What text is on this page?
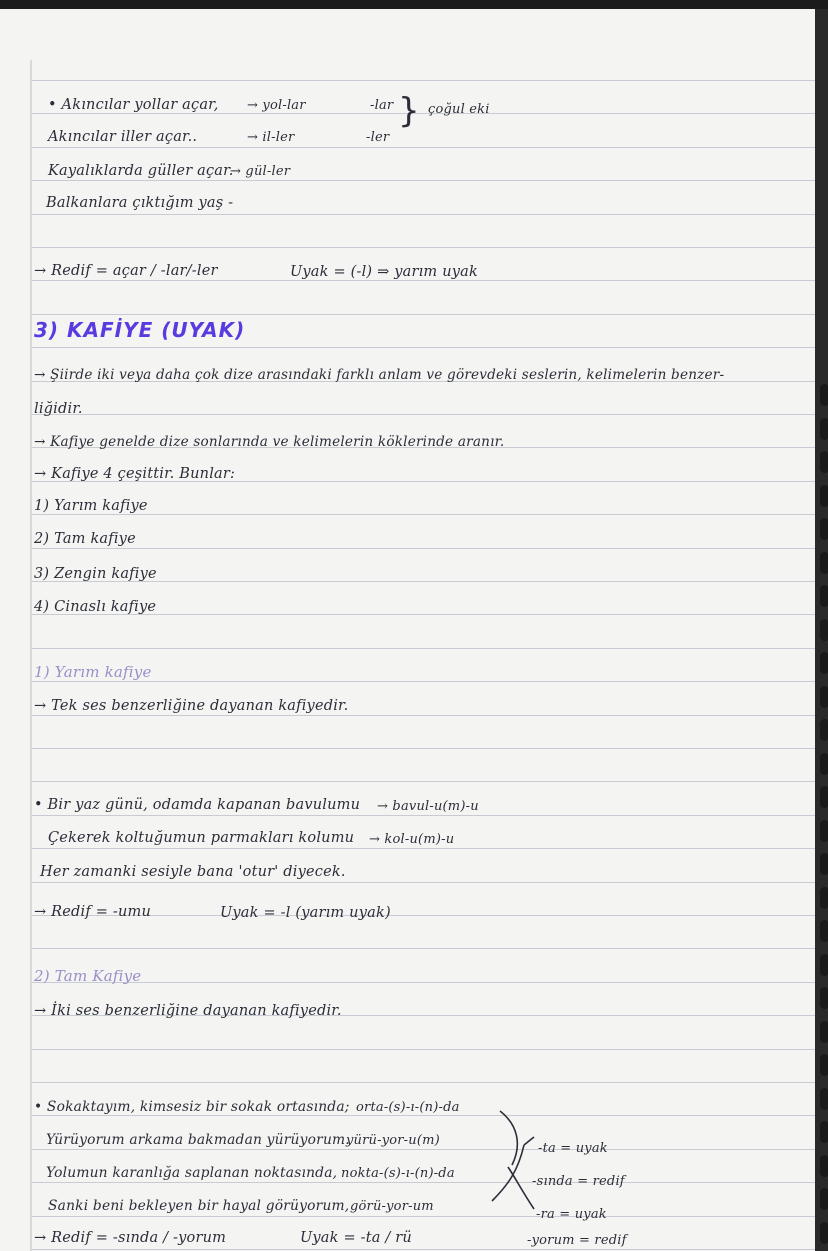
• Akıncılar yollar açar, → yol-lar	-lar
Akıncılar iller açar..	→ il-ler	-ler
} çoğul eki
Kayalıklarda güller açar.
→ gül-ler
Balkanlara çıktığım yaş -
→ Redif = açar / -lar/-ler	Uyak = (-l) ⇒ yarım uyak
3) KAFİYE (UYAK)
→ Şiirde iki veya daha çok dize arasındaki farklı anlam ve görevdeki seslerin, kelimelerin benzer-
liğidir.
→ Kafiye genelde dize sonlarında ve kelimelerin köklerinde aranır.
→ Kafiye 4 çeşittir. Bunlar:
1) Yarım kafiye
2) Tam kafiye
3) Zengin kafiye
4) Cinaslı kafiye
1) Yarım kafiye
→ Tek ses benzerliğine dayanan kafiyedir.
• Bir yaz günü, odamda kapanan bavulumu → bavul-u(m)-u
Çekerek koltuğumun parmakları kolumu → kol-u(m)-u
Her zamanki sesiyle bana 'otur' diyecek.
→ Redif = -umu	Uyak = -l (yarım uyak)
2) Tam Kafiye
→ İki ses benzerliğine dayanan kafiyedir.
• Sokaktayım, kimsesiz bir sokak ortasında; orta-(s)-ı-(n)-da
Yürüyorum arkama bakmadan yürüyorum.
yürü-yor-u(m)
Yolumun karanlığa saplanan noktasında, nokta-(s)-ı-(n)-da
Sanki beni bekleyen bir hayal görüyorum, görü-yor-um
-ta = uyak
-sında = redif
-ra = uyak
-yorum = redif
→ Redif = -sında / -yorum	Uyak = -ta / rü
